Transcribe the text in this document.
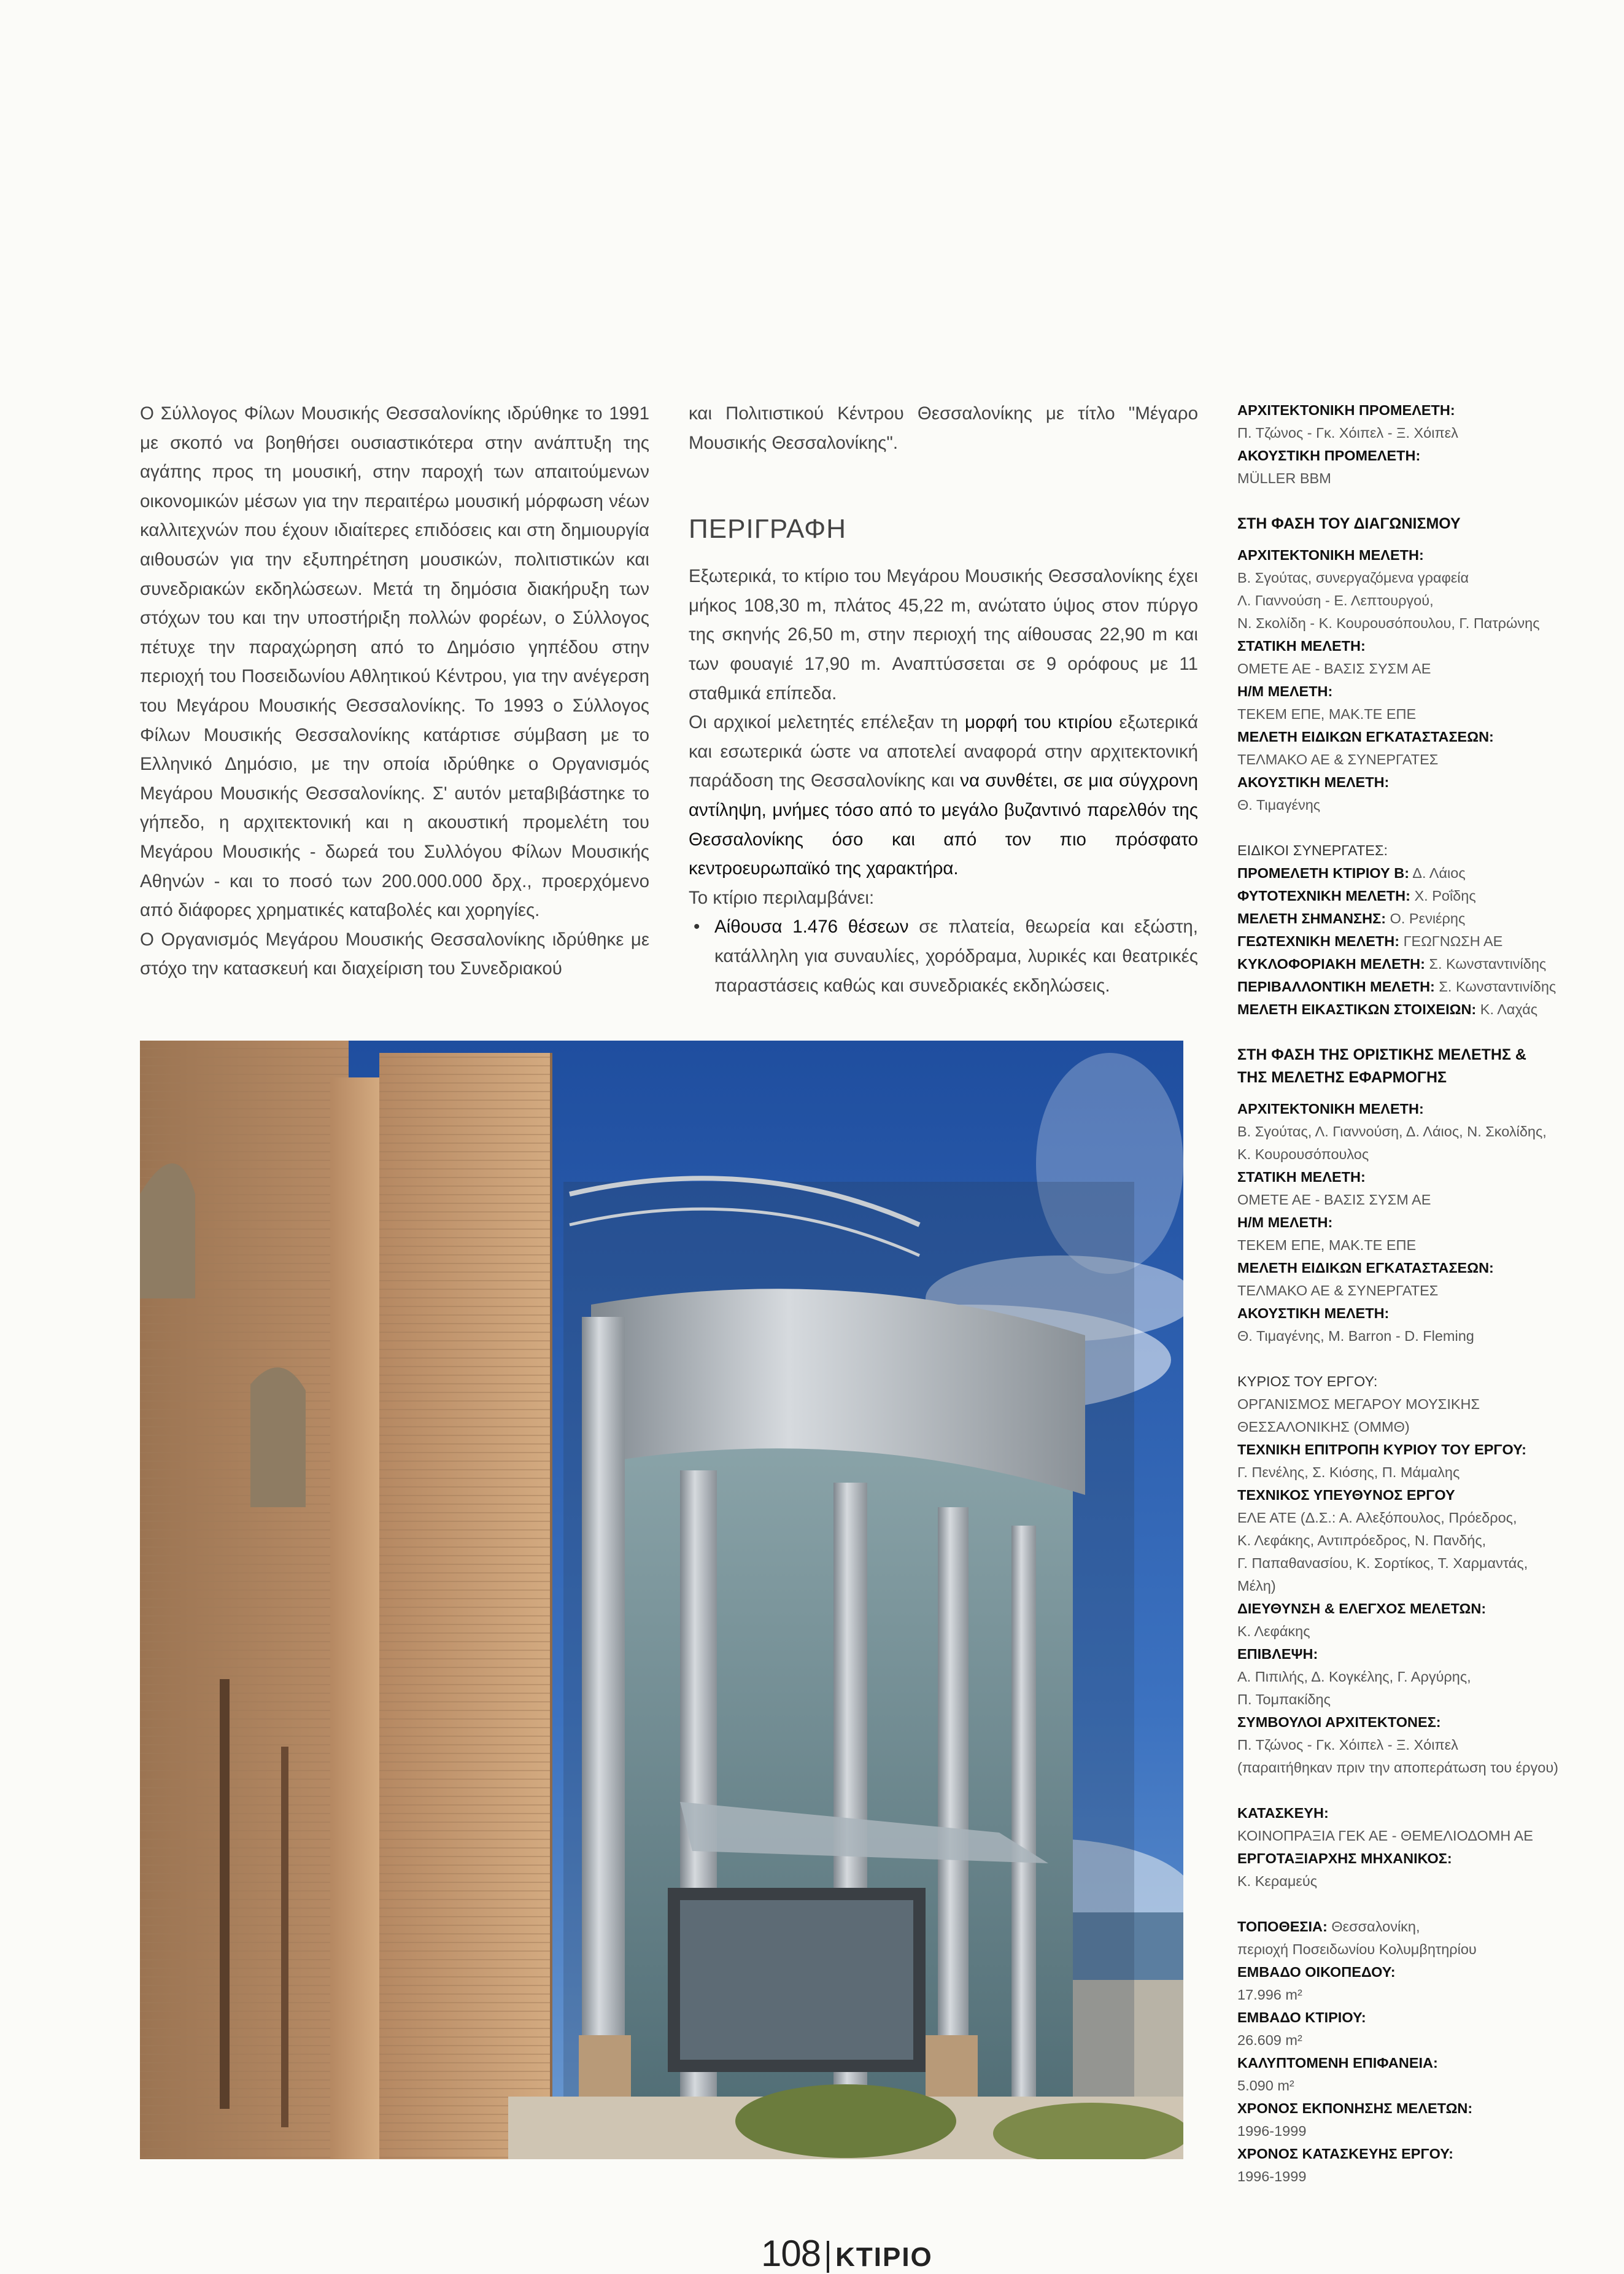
Ο Σύλλογος Φίλων Μουσικής Θεσσαλονίκης ιδρύθηκε το 1991 με σκοπό να βοηθήσει ουσιαστικότερα στην ανάπτυξη της αγάπης προς τη μουσική, στην παροχή των απαιτούμενων οικονομικών μέσων για την περαιτέρω μουσική μόρφωση νέων καλλιτεχνών που έχουν ιδιαίτερες επιδόσεις και στη δημιουργία αιθουσών για την εξυπηρέτηση μουσικών, πολιτιστικών και συνεδριακών εκδηλώσεων. Μετά τη δημόσια διακήρυξη των στόχων του και την υποστήριξη πολλών φορέων, ο Σύλλογος πέτυχε την παραχώρηση από το Δημόσιο γηπέδου στην περιοχή του Ποσειδωνίου Αθλητικού Κέντρου, για την ανέγερση του Μεγάρου Μουσικής Θεσσαλονίκης. Το 1993 ο Σύλλογος Φίλων Μουσικής Θεσσαλονίκης κατάρτισε σύμβαση με το Ελληνικό Δημόσιο, με την οποία ιδρύθηκε ο Οργανισμός Μεγάρου Μουσικής Θεσσαλονίκης. Σ' αυτόν μεταβιβάστηκε το γήπεδο, η αρχιτεκτονική και η ακουστική προμελέτη του Μεγάρου Μουσικής - δωρεά του Συλλόγου Φίλων Μουσικής Αθηνών - και το ποσό των 200.000.000 δρχ., προερχόμενο από διάφορες χρηματικές καταβολές και χορηγίες.

Ο Οργανισμός Μεγάρου Μουσικής Θεσσαλονίκης ιδρύθηκε με στόχο την κατασκευή και διαχείριση του Συνεδριακού

και Πολιτιστικού Κέντρου Θεσσαλονίκης με τίτλο "Μέγαρο Μουσικής Θεσσαλονίκης".

ΠΕΡΙΓΡΑΦΗ

Εξωτερικά, το κτίριο του Μεγάρου Μουσικής Θεσσαλονίκης έχει μήκος 108,30 m, πλάτος 45,22 m, ανώτατο ύψος στον πύργο της σκηνής 26,50 m, στην περιοχή της αίθουσας 22,90 m και των φουαγιέ 17,90 m. Αναπτύσσεται σε 9 ορόφους με 11 σταθμικά επίπεδα.

Οι αρχικοί μελετητές επέλεξαν τη μορφή του κτιρίου εξωτερικά και εσωτερικά ώστε να αποτελεί αναφορά στην αρχιτεκτονική παράδοση της Θεσσαλονίκης και να συνθέτει, σε μια σύγχρονη αντίληψη, μνήμες τόσο από το μεγάλο βυζαντινό παρελθόν της Θεσσαλονίκης όσο και από τον πιο πρόσφατο κεντροευρωπαϊκό της χαρακτήρα.

Το κτίριο περιλαμβάνει:

• Αίθουσα 1.476 θέσεων σε πλατεία, θεωρεία και εξώστη, κατάλληλη για συναυλίες, χορόδραμα, λυρικές και θεατρικές παραστάσεις καθώς και συνεδριακές εκδηλώσεις.
ΑΡΧΙΤΕΚΤΟΝΙΚΗ ΠΡΟΜΕΛΕΤΗ:
Π. Τζώνος - Γκ. Χόιπελ - Ξ. Χόιπελ
ΑΚΟΥΣΤΙΚΗ ΠΡΟΜΕΛΕΤΗ:
MÜLLER BBM
ΣΤΗ ΦΑΣΗ ΤΟΥ ΔΙΑΓΩΝΙΣΜΟΥ
ΑΡΧΙΤΕΚΤΟΝΙΚΗ ΜΕΛΕΤΗ:
Β. Σγούτας, συνεργαζόμενα γραφεία
Λ. Γιαννούση - Ε. Λεπτουργού,
Ν. Σκολίδη - Κ. Κουρουσόπουλου, Γ. Πατρώνης
ΣΤΑΤΙΚΗ ΜΕΛΕΤΗ:
ΟΜΕΤΕ ΑΕ - ΒΑΣΙΣ ΣΥΣΜ ΑΕ
Η/Μ ΜΕΛΕΤΗ:
ΤΕΚΕΜ ΕΠΕ, ΜΑΚ.ΤΕ ΕΠΕ
ΜΕΛΕΤΗ ΕΙΔΙΚΩΝ ΕΓΚΑΤΑΣΤΑΣΕΩΝ:
ΤΕΛΜΑΚΟ ΑΕ & ΣΥΝΕΡΓΑΤΕΣ
ΑΚΟΥΣΤΙΚΗ ΜΕΛΕΤΗ:
Θ. Τιμαγένης
ΕΙΔΙΚΟΙ ΣΥΝΕΡΓΑΤΕΣ:
ΠΡΟΜΕΛΕΤΗ ΚΤΙΡΙΟΥ Β: Δ. Λάιος
ΦΥΤΟΤΕΧΝΙΚΗ ΜΕΛΕΤΗ: Χ. Ροΐδης
ΜΕΛΕΤΗ ΣΗΜΑΝΣΗΣ: Ο. Ρενιέρης
ΓΕΩΤΕΧΝΙΚΗ ΜΕΛΕΤΗ: ΓΕΩΓΝΩΣΗ ΑΕ
ΚΥΚΛΟΦΟΡΙΑΚΗ ΜΕΛΕΤΗ: Σ. Κωνσταντινίδης
ΠΕΡΙΒΑΛΛΟΝΤΙΚΗ ΜΕΛΕΤΗ: Σ. Κωνσταντινίδης
ΜΕΛΕΤΗ ΕΙΚΑΣΤΙΚΩΝ ΣΤΟΙΧΕΙΩΝ: Κ. Λαχάς
ΣΤΗ ΦΑΣΗ ΤΗΣ ΟΡΙΣΤΙΚΗΣ ΜΕΛΕΤΗΣ &
ΤΗΣ ΜΕΛΕΤΗΣ ΕΦΑΡΜΟΓΗΣ
ΑΡΧΙΤΕΚΤΟΝΙΚΗ ΜΕΛΕΤΗ:
Β. Σγούτας, Λ. Γιαννούση, Δ. Λάιος, Ν. Σκολίδης,
Κ. Κουρουσόπουλος
ΣΤΑΤΙΚΗ ΜΕΛΕΤΗ:
ΟΜΕΤΕ ΑΕ - ΒΑΣΙΣ ΣΥΣΜ ΑΕ
Η/Μ ΜΕΛΕΤΗ:
ΤΕΚΕΜ ΕΠΕ, ΜΑΚ.ΤΕ ΕΠΕ
ΜΕΛΕΤΗ ΕΙΔΙΚΩΝ ΕΓΚΑΤΑΣΤΑΣΕΩΝ:
ΤΕΛΜΑΚΟ ΑΕ & ΣΥΝΕΡΓΑΤΕΣ
ΑΚΟΥΣΤΙΚΗ ΜΕΛΕΤΗ:
Θ. Τιμαγένης, M. Barron - D. Fleming
ΚΥΡΙΟΣ ΤΟΥ ΕΡΓΟΥ:
ΟΡΓΑΝΙΣΜΟΣ ΜΕΓΑΡΟΥ ΜΟΥΣΙΚΗΣ
ΘΕΣΣΑΛΟΝΙΚΗΣ (ΟΜΜΘ)
ΤΕΧΝΙΚΗ ΕΠΙΤΡΟΠΗ ΚΥΡΙΟΥ ΤΟΥ ΕΡΓΟΥ:
Γ. Πενέλης, Σ. Κιόσης, Π. Μάμαλης
ΤΕΧΝΙΚΟΣ ΥΠΕΥΘΥΝΟΣ ΕΡΓΟΥ
ΕΛΕ ΑΤΕ (Δ.Σ.: Α. Αλεξόπουλος, Πρόεδρος,
Κ. Λεφάκης, Αντιπρόεδρος, Ν. Πανδής,
Γ. Παπαθανασίου, Κ. Σορτίκος, Τ. Χαρμαντάς,
Μέλη)
ΔΙΕΥΘΥΝΣΗ & ΕΛΕΓΧΟΣ ΜΕΛΕΤΩΝ:
Κ. Λεφάκης
ΕΠΙΒΛΕΨΗ:
Α. Πιπιλής, Δ. Κογκέλης, Γ. Αργύρης,
Π. Τομπακίδης
ΣΥΜΒΟΥΛΟΙ ΑΡΧΙΤΕΚΤΟΝΕΣ:
Π. Τζώνος - Γκ. Χόιπελ - Ξ. Χόιπελ
(παραιτήθηκαν πριν την αποπεράτωση του έργου)
ΚΑΤΑΣΚΕΥΗ:
ΚΟΙΝΟΠΡΑΞΙΑ ΓΕΚ ΑΕ - ΘΕΜΕΛΙΟΔΟΜΗ ΑΕ
ΕΡΓΟΤΑΞΙΑΡΧΗΣ ΜΗΧΑΝΙΚΟΣ:
Κ. Κεραμεύς
ΤΟΠΟΘΕΣΙΑ: Θεσσαλονίκη,
περιοχή Ποσειδωνίου Κολυμβητηρίου
ΕΜΒΑΔΟ ΟΙΚΟΠΕΔΟΥ:
17.996 m²
ΕΜΒΑΔΟ ΚΤΙΡΙΟΥ:
26.609 m²
ΚΑΛΥΠΤΟΜΕΝΗ ΕΠΙΦΑΝΕΙΑ:
5.090 m²
ΧΡΟΝΟΣ ΕΚΠΟΝΗΣΗΣ ΜΕΛΕΤΩΝ:
1996-1999
ΧΡΟΝΟΣ ΚΑΤΑΣΚΕΥΗΣ ΕΡΓΟΥ:
1996-1999
108 ΚΤΙΡΙΟ
